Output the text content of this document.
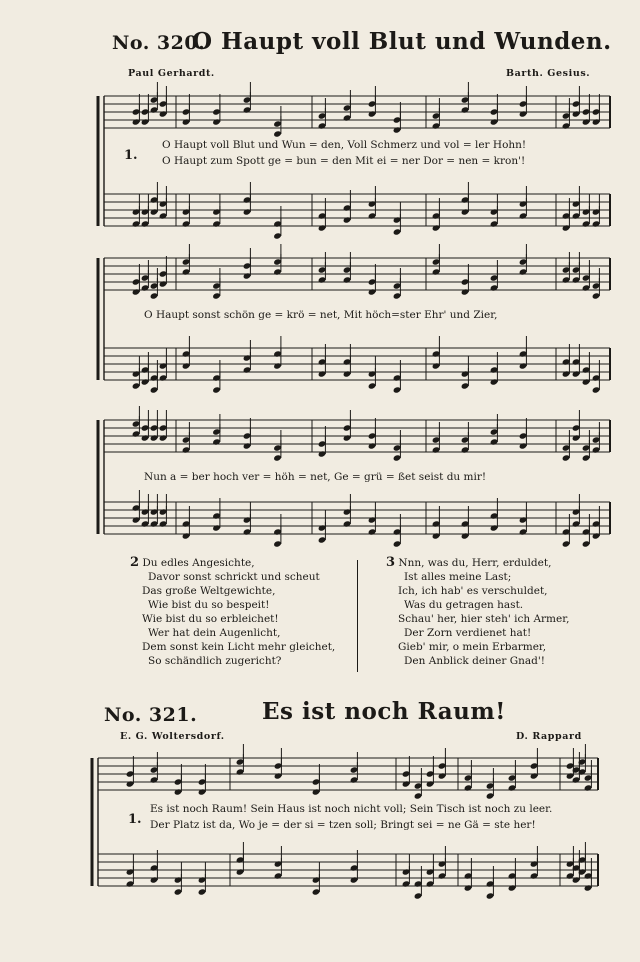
No. 320.
O Haupt voll Blut und Wunden.
Paul Gerhardt.	Barth. Gesius.
1.
O Haupt voll Blut und Wun = den, Voll Schmerz und vol = ler Hohn!
O Haupt zum Spott ge = bun = den Mit ei = ner Dor = nen = kron'!
O Haupt sonst schön ge = krö = net, Mit höch=ster Ehr' und Zier,
Nun a = ber hoch ver = höh = net, Ge = grü = ßet seist du mir!
2 Du edles Angesichte,
Davor sonst schrickt und scheut
Das große Weltgewichte,
Wie bist du so bespeit!
Wie bist du so erbleichet!
Wer hat dein Augenlicht,
Dem sonst kein Licht mehr gleichet,
So schändlich zugericht?
3 Nnn, was du, Herr, erduldet,
Ist alles meine Last;
Ich, ich hab' es verschuldet,
Was du getragen hast.
Schau' her, hier steh' ich Armer,
Der Zorn verdienet hat!
Gieb' mir, o mein Erbarmer,
Den Anblick deiner Gnad'!
No. 321.	Es ist noch Raum!
E. G. Woltersdorf.	D. Rappard
1.
Es ist noch Raum! Sein Haus ist noch nicht voll; Sein Tisch ist noch zu leer.
Der Platz ist da, Wo je = der si = tzen soll; Bringt sei = ne Gä = ste her!
